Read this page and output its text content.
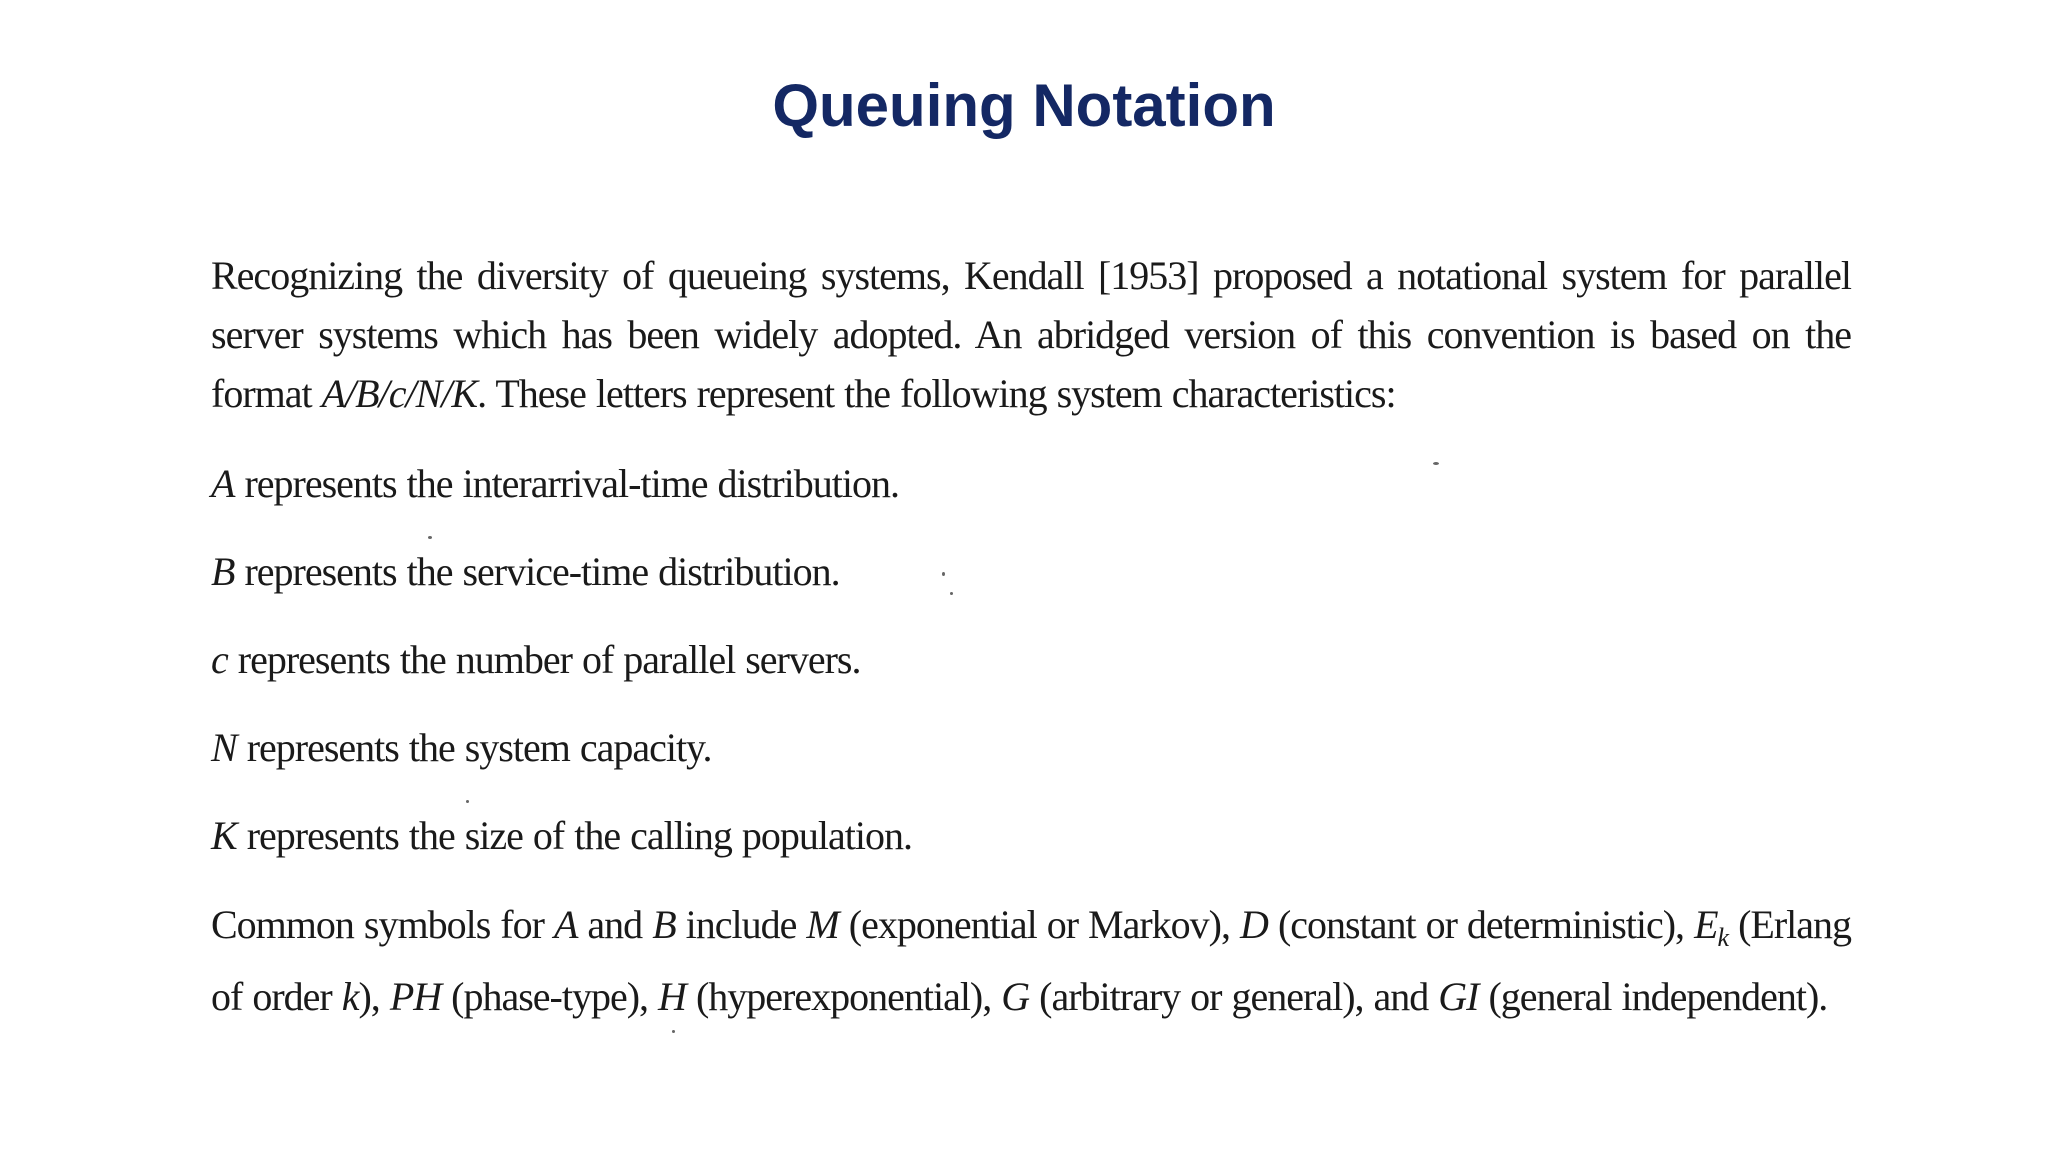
Queuing Notation

Recognizing the diversity of queueing systems, Kendall [1953] proposed a notational system for parallel server systems which has been widely adopted. An abridged version of this convention is based on the format A/B/c/N/K. These letters represent the following system characteristics:

A represents the interarrival-time distribution.

B represents the service-time distribution.

c represents the number of parallel servers.

N represents the system capacity.

K represents the size of the calling population.

Common symbols for A and B include M (exponential or Markov), D (constant or deterministic), $E_k$ (Erlang of order k), PH (phase-type), H (hyperexponential), G (arbitrary or general), and GI (general independent).
